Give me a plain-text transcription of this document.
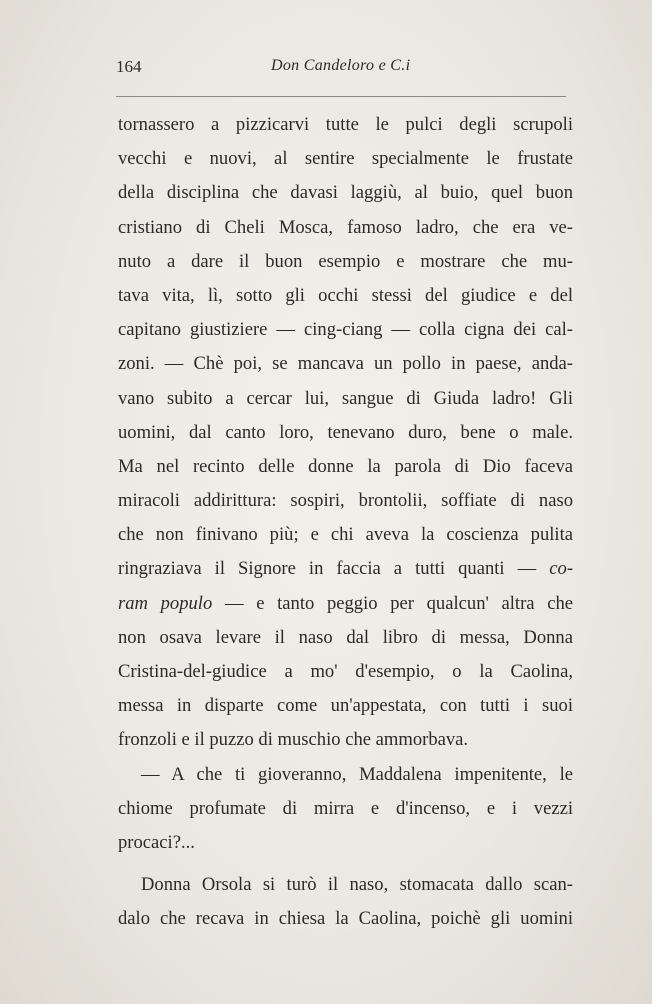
164	Don Candeloro e C.i
tornassero a pizzicarvi tutte le pulci degli scrupoli
vecchi e nuovi, al sentire specialmente le frustate
della disciplina che davasi laggiù, al buio, quel buon
cristiano di Cheli Mosca, famoso ladro, che era ve-
nuto a dare il buon esempio e mostrare che mu-
tava vita, lì, sotto gli occhi stessi del giudice e del
capitano giustiziere — cing-ciang — colla cigna dei cal-
zoni. — Chè poi, se mancava un pollo in paese, anda-
vano subito a cercar lui, sangue di Giuda ladro! Gli
uomini, dal canto loro, tenevano duro, bene o male.
Ma nel recinto delle donne la parola di Dio faceva
miracoli addirittura: sospiri, brontolii, soffiate di naso
che non finivano più; e chi aveva la coscienza pulita
ringraziava il Signore in faccia a tutti quanti — co-
ram populo — e tanto peggio per qualcun' altra che
non osava levare il naso dal libro di messa, Donna
Cristina-del-giudice a mo' d'esempio, o la Caolina,
messa in disparte come un'appestata, con tutti i suoi
fronzoli e il puzzo di muschio che ammorbava.
— A che ti gioveranno, Maddalena impenitente, le
chiome profumate di mirra e d'incenso, e i vezzi
procaci?...
Donna Orsola si turò il naso, stomacata dallo scan-
dalo che recava in chiesa la Caolina, poichè gli uomini
